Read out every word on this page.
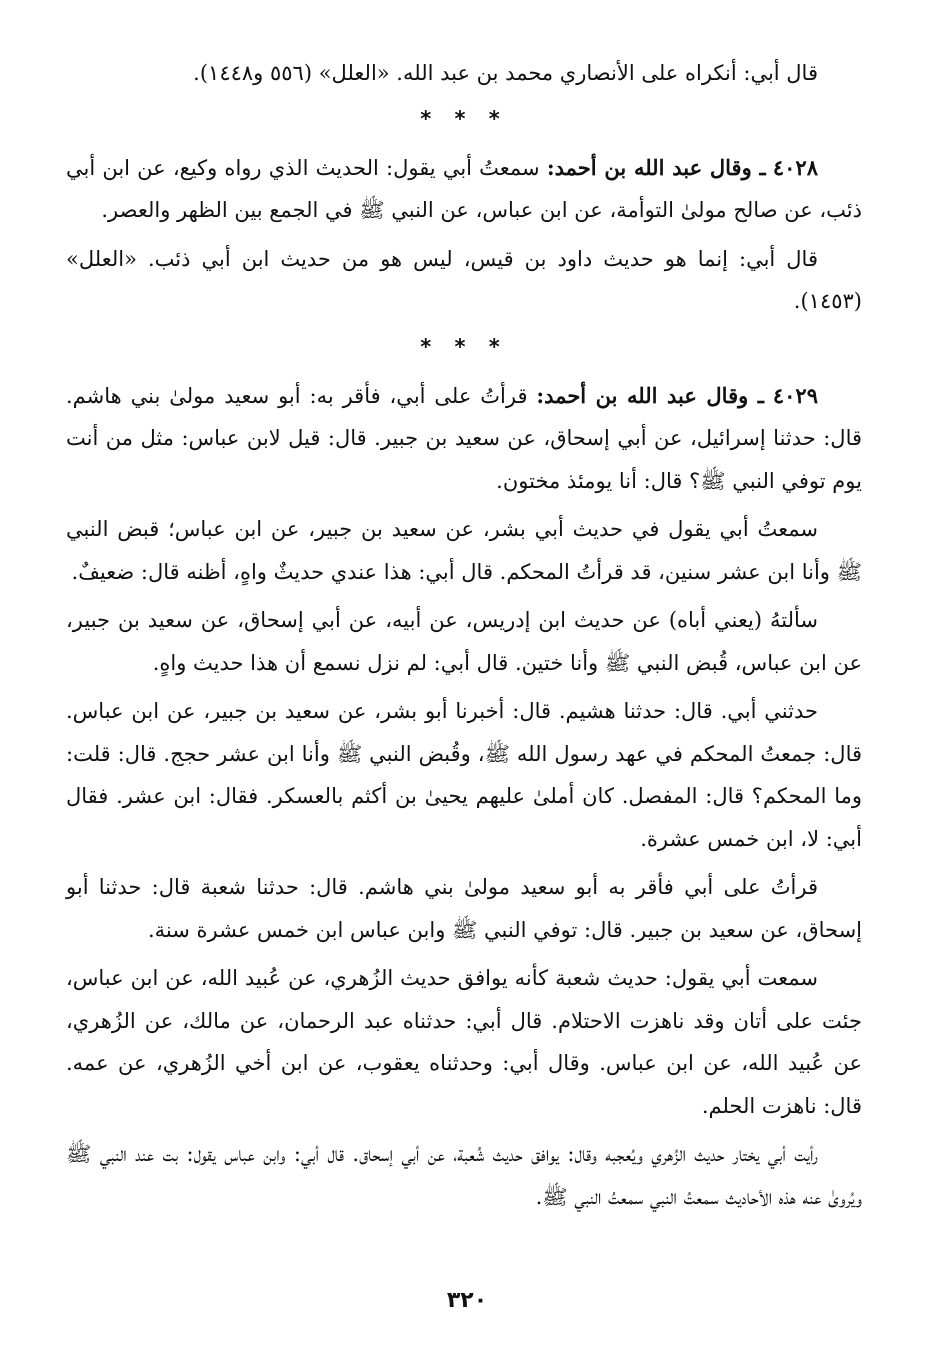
قال أبي: أنكراه على الأنصاري محمد بن عبد الله. «العلل» (٥٥٦ و١٤٤٨).

* * *

٤٠٢٨ ـ وقال عبد الله بن أحمد: سمعتُ أبي يقول: الحديث الذي رواه وكيع، عن ابن أبي ذئب، عن صالح مولىٰ التوأمة، عن ابن عباس، عن النبي ﷺ في الجمع بين الظهر والعصر.

قال أبي: إنما هو حديث داود بن قيس، ليس هو من حديث ابن أبي ذئب. «العلل» (١٤٥٣).

* * *

٤٠٢٩ ـ وقال عبد الله بن أحمد: قرأتُ على أبي، فأقر به: أبو سعيد مولىٰ بني هاشم. قال: حدثنا إسرائيل، عن أبي إسحاق، عن سعيد بن جبير. قال: قيل لابن عباس: مثل من أنت يوم توفي النبي ﷺ؟ قال: أنا يومئذ مختون.

سمعتُ أبي يقول في حديث أبي بشر، عن سعيد بن جبير، عن ابن عباس؛ قبض النبي ﷺ وأنا ابن عشر سنين، قد قرأتُ المحكم. قال أبي: هذا عندي حديثٌ واهٍ، أظنه قال: ضعيفٌ.

سألتهُ (يعني أباه) عن حديث ابن إدريس، عن أبيه، عن أبي إسحاق، عن سعيد بن جبير، عن ابن عباس، قُبض النبي ﷺ وأنا ختين. قال أبي: لم نزل نسمع أن هذا حديث واهٍ.

حدثني أبي. قال: حدثنا هشيم. قال: أخبرنا أبو بشر، عن سعيد بن جبير، عن ابن عباس. قال: جمعتُ المحكم في عهد رسول الله ﷺ، وقُبض النبي ﷺ وأنا ابن عشر حجج. قال: قلت: وما المحكم؟ قال: المفصل. كان أملىٰ عليهم يحيىٰ بن أكثم بالعسكر. فقال: ابن عشر. فقال أبي: لا، ابن خمس عشرة.

قرأتُ على أبي فأقر به أبو سعيد مولىٰ بني هاشم. قال: حدثنا شعبة قال: حدثنا أبو إسحاق، عن سعيد بن جبير. قال: توفي النبي ﷺ وابن عباس ابن خمس عشرة سنة.

سمعت أبي يقول: حديث شعبة كأنه يوافق حديث الزُهري، عن عُبيد الله، عن ابن عباس، جئت على أتان وقد ناهزت الاحتلام. قال أبي: حدثناه عبد الرحمان، عن مالك، عن الزُهري، عن عُبيد الله، عن ابن عباس. وقال أبي: وحدثناه يعقوب، عن ابن أخي الزُهري، عن عمه. قال: ناهزت الحلم.

رأيت أبي يختار حديث الزُهري ويُعجبه وقال: يوافق حديث شُعبة، عن أبي إسحاق. قال أبي: وابن عباس يقول: بت عند النبي ﷺ ويُروىٰ عنه هذه الأحاديث سمعتُ النبي سمعتُ النبي ﷺ.

٣٢٠
